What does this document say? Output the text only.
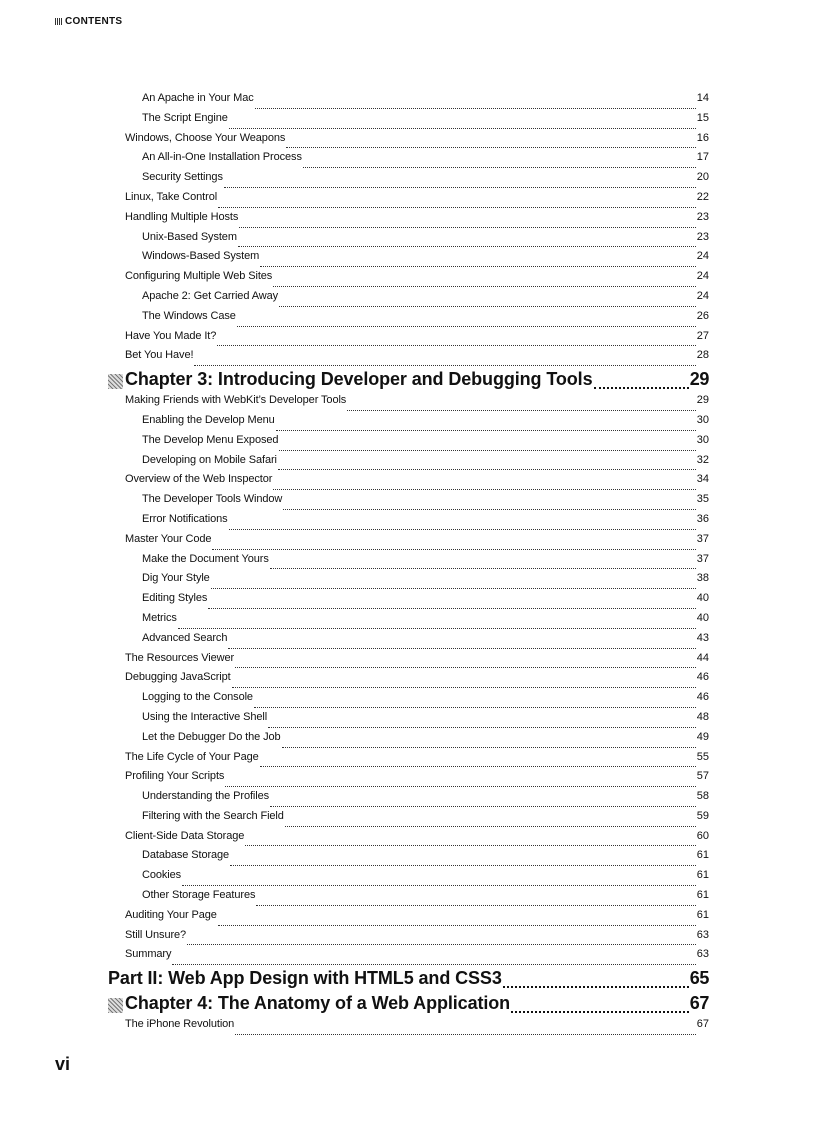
CONTENTS
An Apache in Your Mac	14
The Script Engine	15
Windows, Choose Your Weapons	16
An All-in-One Installation Process	17
Security Settings	20
Linux, Take Control	22
Handling Multiple Hosts	23
Unix-Based System	23
Windows-Based System	24
Configuring Multiple Web Sites	24
Apache 2: Get Carried Away	24
The Windows Case	26
Have You Made It?	27
Bet You Have!	28
Chapter 3: Introducing Developer and Debugging Tools	29
Making Friends with WebKit’s Developer Tools	29
Enabling the Develop Menu	30
The Develop Menu Exposed	30
Developing on Mobile Safari	32
Overview of the Web Inspector	34
The Developer Tools Window	35
Error Notifications	36
Master Your Code	37
Make the Document Yours	37
Dig Your Style	38
Editing Styles	40
Metrics	40
Advanced Search	43
The Resources Viewer	44
Debugging JavaScript	46
Logging to the Console	46
Using the Interactive Shell	48
Let the Debugger Do the Job	49
The Life Cycle of Your Page	55
Profiling Your Scripts	57
Understanding the Profiles	58
Filtering with the Search Field	59
Client-Side Data Storage	60
Database Storage	61
Cookies	61
Other Storage Features	61
Auditing Your Page	61
Still Unsure?	63
Summary	63
Part II: Web App Design with HTML5 and CSS3	65
Chapter 4: The Anatomy of a Web Application	67
The iPhone Revolution	67
vi
